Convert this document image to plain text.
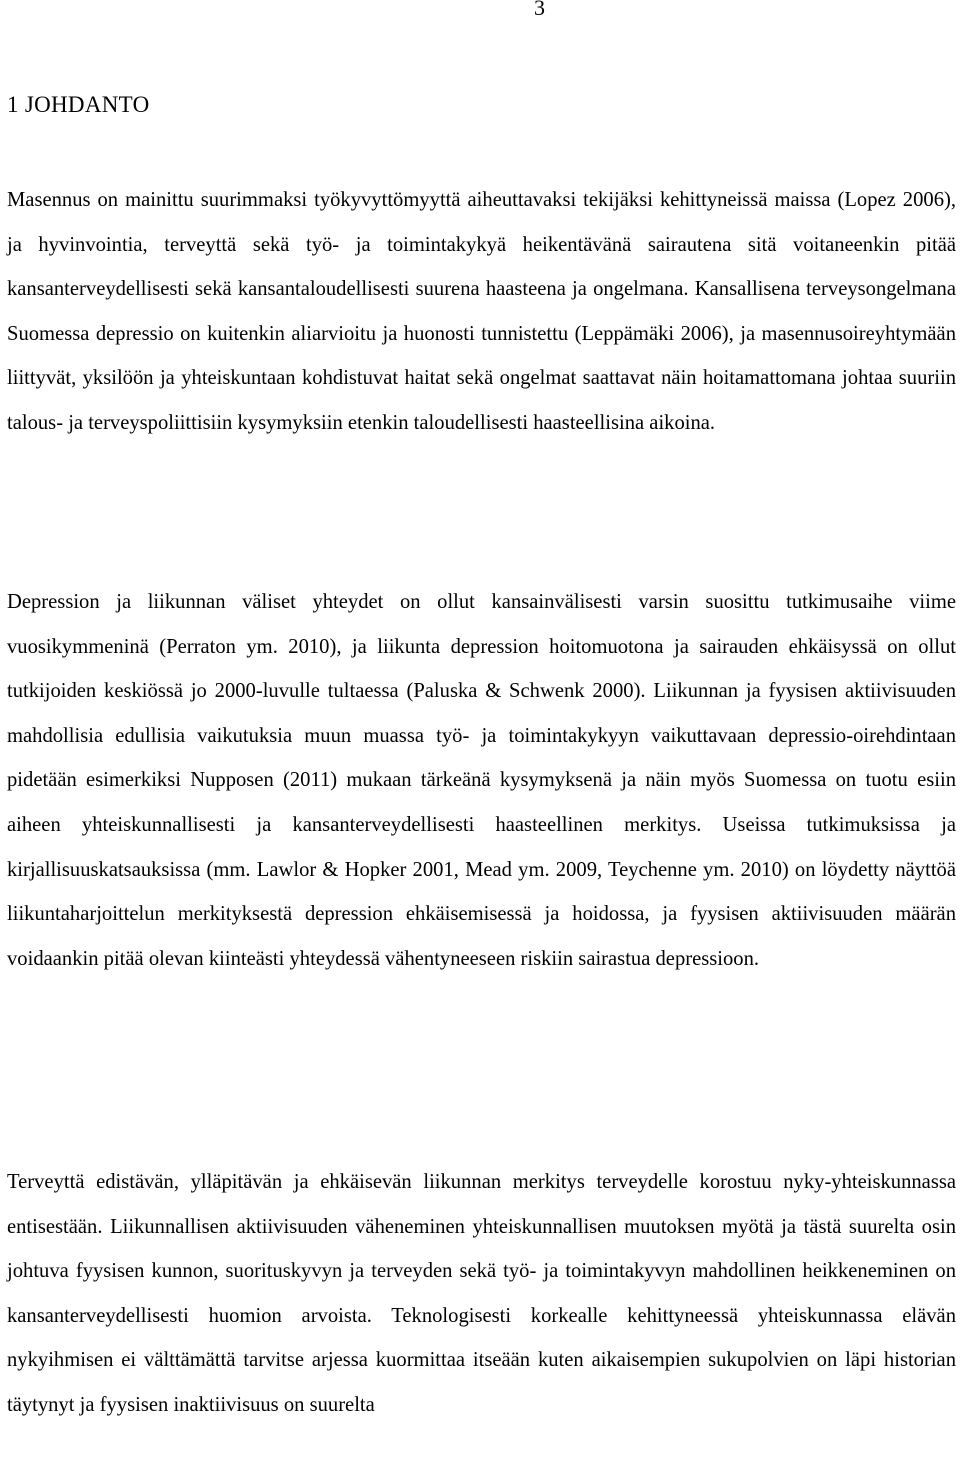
3
1 JOHDANTO

Masennus on mainittu suurimmaksi työkyvyttömyyttä aiheuttavaksi tekijäksi kehittyneissä maissa (Lopez 2006), ja hyvinvointia, terveyttä sekä työ- ja toimintakykyä heikentävänä sairautena sitä voitaneenkin pitää kansanterveydellisesti sekä kansantaloudellisesti suurena haasteena ja ongelmana. Kansallisena terveysongelmana Suomessa depressio on kuitenkin aliarvioitu ja huonosti tunnistettu (Leppämäki 2006), ja masennusoireyhtymään liittyvät, yksilöön ja yhteiskuntaan kohdistuvat haitat sekä ongelmat saattavat näin hoitamattomana johtaa suuriin talous- ja terveyspoliittisiin kysymyksiin etenkin taloudellisesti haasteellisina aikoina.

Depression ja liikunnan väliset yhteydet on ollut kansainvälisesti varsin suosittu tutkimusaihe viime vuosikymmeninä (Perraton ym. 2010), ja liikunta depression hoitomuotona ja sairauden ehkäisyssä on ollut tutkijoiden keskiössä jo 2000-luvulle tultaessa (Paluska & Schwenk 2000). Liikunnan ja fyysisen aktiivisuuden mahdollisia edullisia vaikutuksia muun muassa työ- ja toimintakykyyn vaikuttavaan depressio-oirehdintaan pidetään esimerkiksi Nupposen (2011) mukaan tärkeänä kysymyksenä ja näin myös Suomessa on tuotu esiin aiheen yhteiskunnallisesti ja kansanterveydellisesti haasteellinen merkitys. Useissa tutkimuksissa ja kirjallisuuskatsauksissa (mm. Lawlor & Hopker 2001, Mead ym. 2009, Teychenne ym. 2010) on löydetty näyttöä liikuntaharjoittelun merkityksestä depression ehkäisemisessä ja hoidossa, ja fyysisen aktiivisuuden määrän voidaankin pitää olevan kiinteästi yhteydessä vähentyneeseen riskiin sairastua depressioon.

Terveyttä edistävän, ylläpitävän ja ehkäisevän liikunnan merkitys terveydelle korostuu nyky-yhteiskunnassa entisestään. Liikunnallisen aktiivisuuden väheneminen yhteiskunnallisen muutoksen myötä ja tästä suurelta osin johtuva fyysisen kunnon, suorituskyvyn ja terveyden sekä työ- ja toimintakyvyn mahdollinen heikkeneminen on kansanterveydellisesti huomion arvoista. Teknologisesti korkealle kehittyneessä yhteiskunnassa elävän nykyihmisen ei välttämättä tarvitse arjessa kuormittaa itseään kuten aikaisempien sukupolvien on läpi historian täytynyt ja fyysisen inaktiivisuus on suurelta
